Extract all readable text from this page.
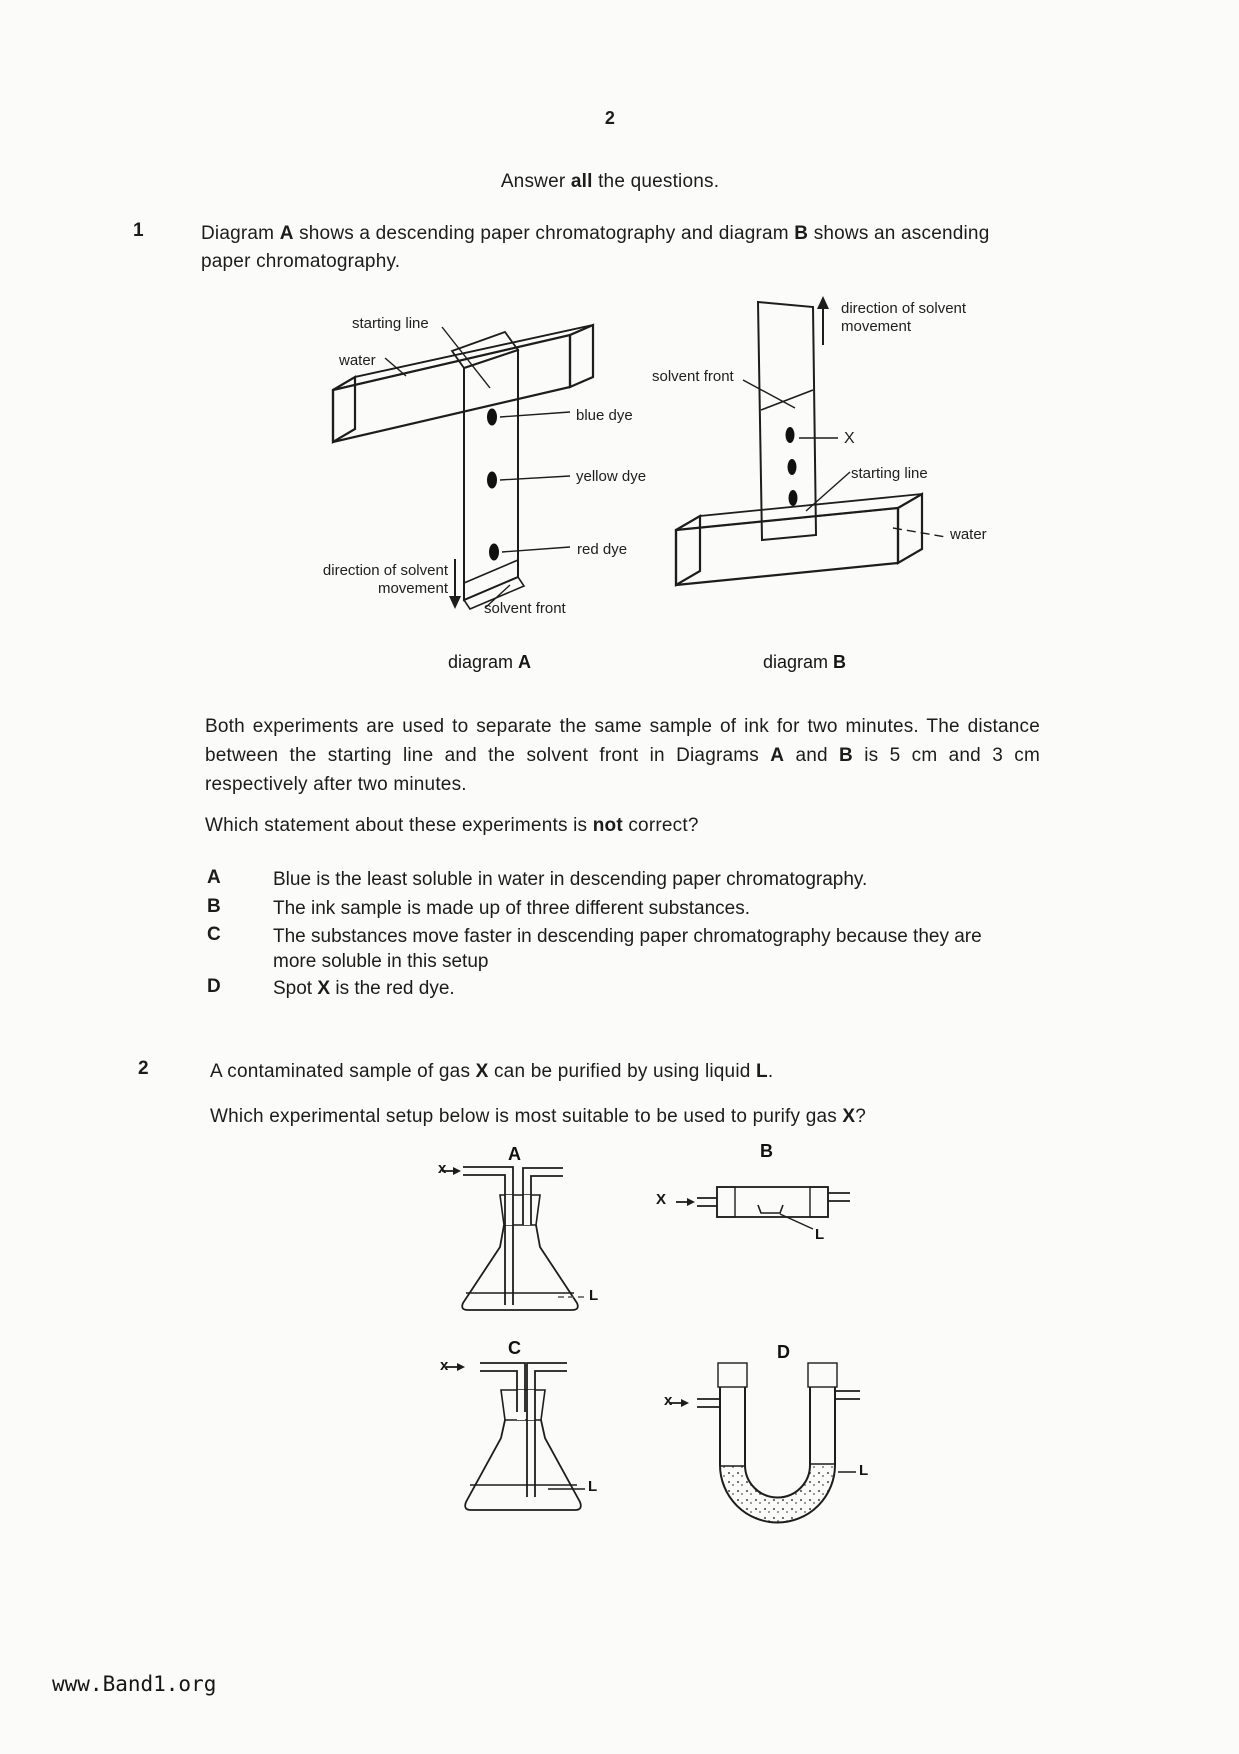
2
Answer all the questions.
1	Diagram A shows a descending paper chromatography and diagram B shows an ascending
paper chromatography.
starting line
water
blue dye
yellow dye
red dye
direction of solvent
movement
solvent front
diagram A
direction of solvent
movement
solvent front
X
starting line
water
diagram B
Both experiments are used to separate the same sample of ink for two minutes. The distance between the starting line and the solvent front in Diagrams A and B is 5 cm and 3 cm respectively after two minutes.
Which statement about these experiments is not correct?
A	Blue is the least soluble in water in descending paper chromatography.
B	The ink sample is made up of three different substances.
C	The substances move faster in descending paper chromatography because they are
more soluble in this setup
D	Spot X is the red dye.
2	A contaminated sample of gas X can be purified by using liquid L.
Which experimental setup below is most suitable to be used to purify gas X?
A	B
C	D
x
X
x
x
L
L
L
L
www.Band1.org
